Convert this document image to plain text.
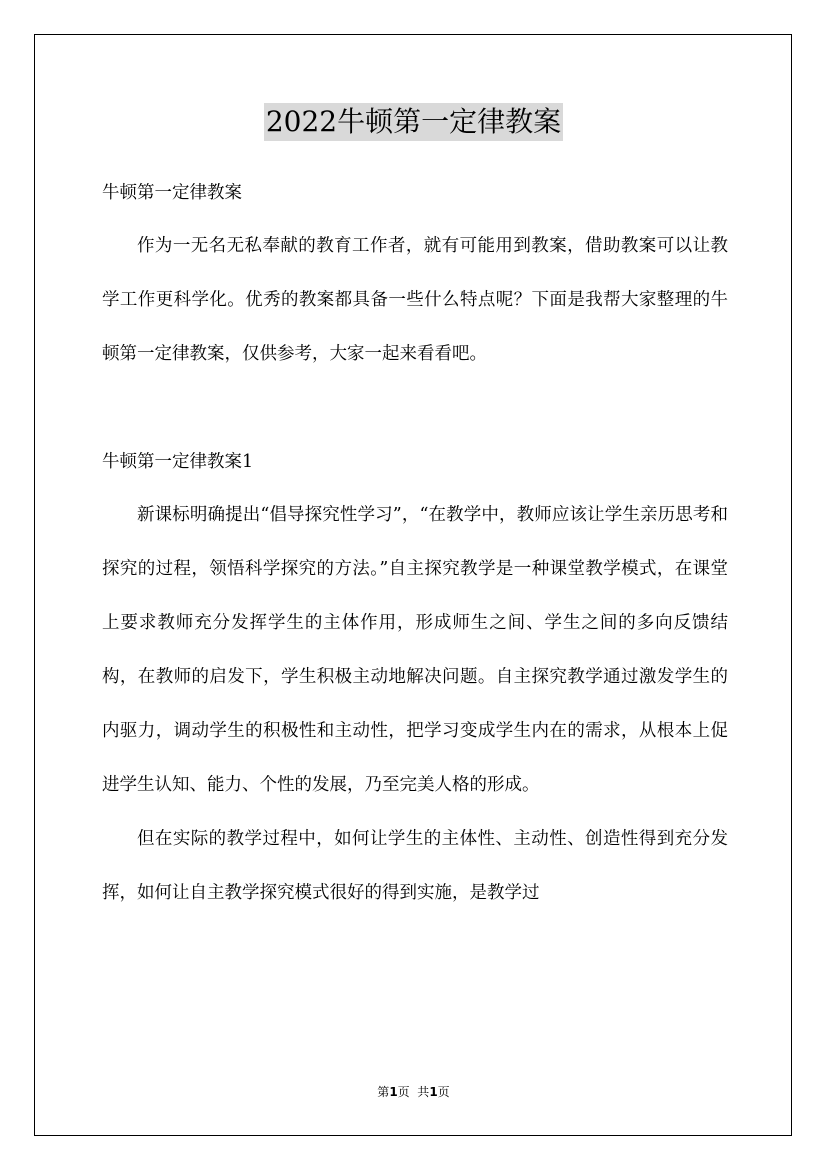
2022牛顿第一定律教案

牛顿第一定律教案

作为一无名无私奉献的教育工作者，就有可能用到教案，借助教案可以让教学工作更科学化。优秀的教案都具备一些什么特点呢？下面是我帮大家整理的牛顿第一定律教案，仅供参考，大家一起来看看吧。

牛顿第一定律教案1

新课标明确提出“倡导探究性学习”，“在教学中，教师应该让学生亲历思考和探究的过程，领悟科学探究的方法。”自主探究教学是一种课堂教学模式，在课堂上要求教师充分发挥学生的主体作用，形成师生之间、学生之间的多向反馈结构，在教师的启发下，学生积极主动地解决问题。自主探究教学通过激发学生的内驱力，调动学生的积极性和主动性，把学习变成学生内在的需求，从根本上促进学生认知、能力、个性的发展，乃至完美人格的形成。

但在实际的教学过程中，如何让学生的主体性、主动性、创造性得到充分发挥，如何让自主教学探究模式很好的得到实施，是教学过

第1页  共1页
